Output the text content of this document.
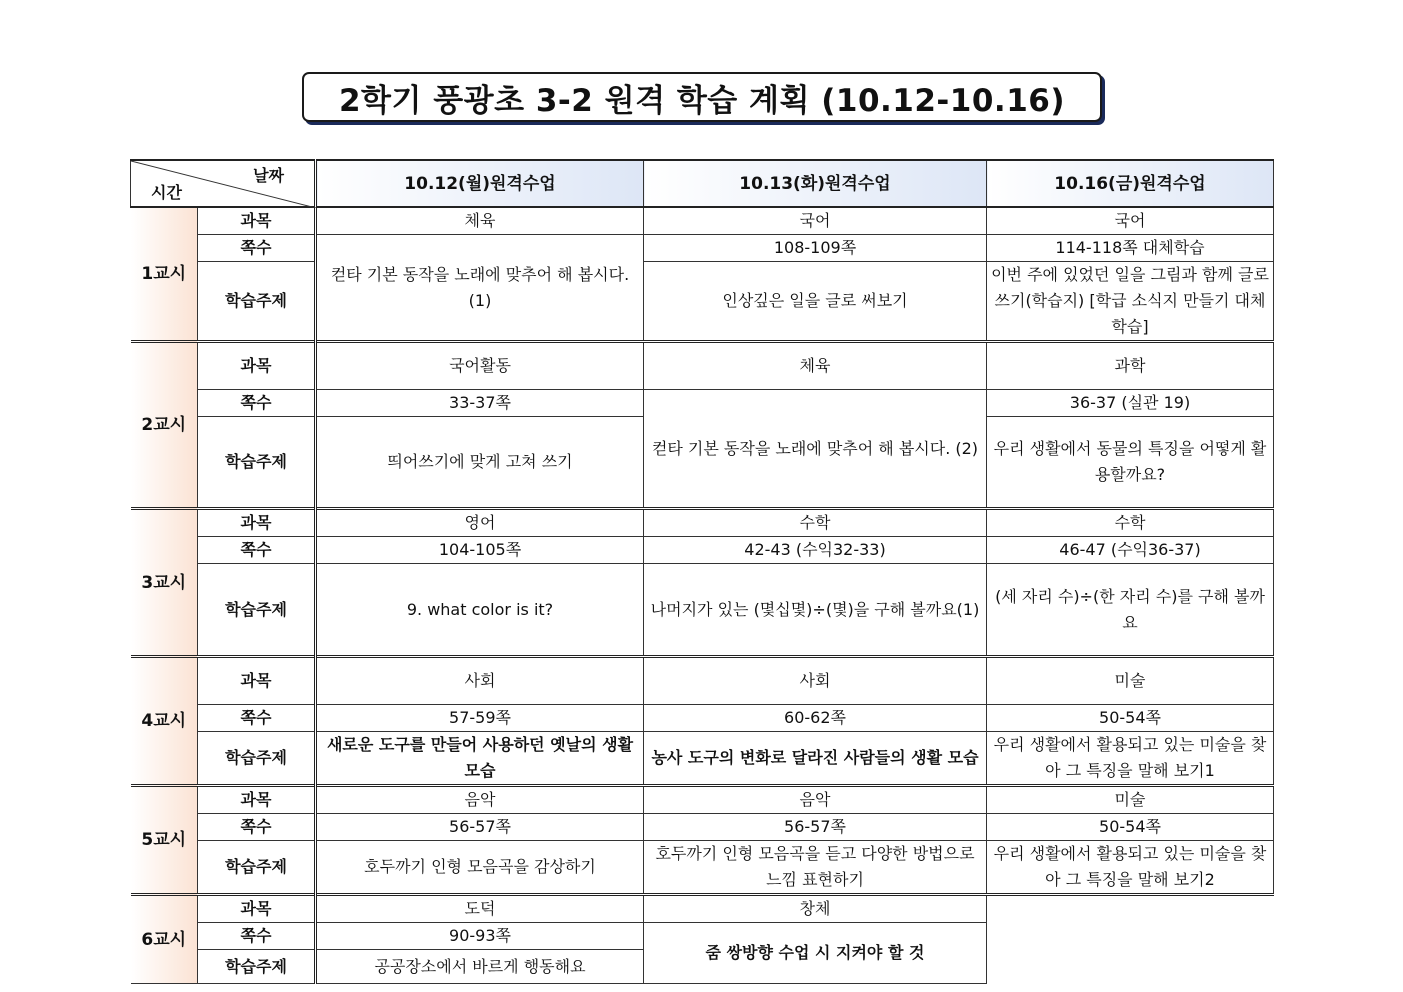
2학기 풍광초 3-2 원격 학습 계획 (10.12-10.16)
날짜
시간		10.12(월)원격수업	10.13(화)원격수업	10.16(금)원격수업
1교시	과목	체육	국어	국어
	쪽수	컫타 기본 동작을 노래에 맞추어 해 봅시다. (1)	108-109쪽	114-118쪽 대체학습
	학습주제		인상깊은 일을 글로 써보기	이번 주에 있었던 일을 그림과 함께 글로 쓰기(학습지) [학급 소식지 만들기 대체 학습]
2교시	과목	국어활동	체육	과학
	쪽수	33-37쪽	컫타 기본 동작을 노래에 맞추어 해 봅시다. (2)	36-37 (실관 19)
	학습주제	띄어쓰기에 맞게 고쳐 쓰기		우리 생활에서 동물의 특징을 어떻게 활용할까요?
3교시	과목	영어	수학	수학
	쪽수	104-105쪽	42-43 (수익32-33)	46-47 (수익36-37)
	학습주제	9. what color is it?	나머지가 있는 (몇십몇)÷(몇)을 구해 볼까요(1)	(세 자리 수)÷(한 자리 수)를 구해 볼까요
4교시	과목	사회	사회	미술
	쪽수	57-59쪽	60-62쪽	50-54쪽
	학습주제	새로운 도구를 만들어 사용하던 옛날의 생활 모습	농사 도구의 변화로 달라진 사람들의 생활 모습	우리 생활에서 활용되고 있는 미술을 찾아 그 특징을 말해 보기1
5교시	과목	음악	음악	미술
	쪽수	56-57쪽	56-57쪽	50-54쪽
	학습주제	호두까기 인형 모음곡을 감상하기	호두까기 인형 모음곡을 듣고 다양한 방법으로 느낌 표현하기	우리 생활에서 활용되고 있는 미술을 찾아 그 특징을 말해 보기2
6교시	과목	도덕	창체	
	쪽수	90-93쪽	줌 쌍방향 수업 시 지켜야 할 것	
	학습주제	공공장소에서 바르게 행동해요		
